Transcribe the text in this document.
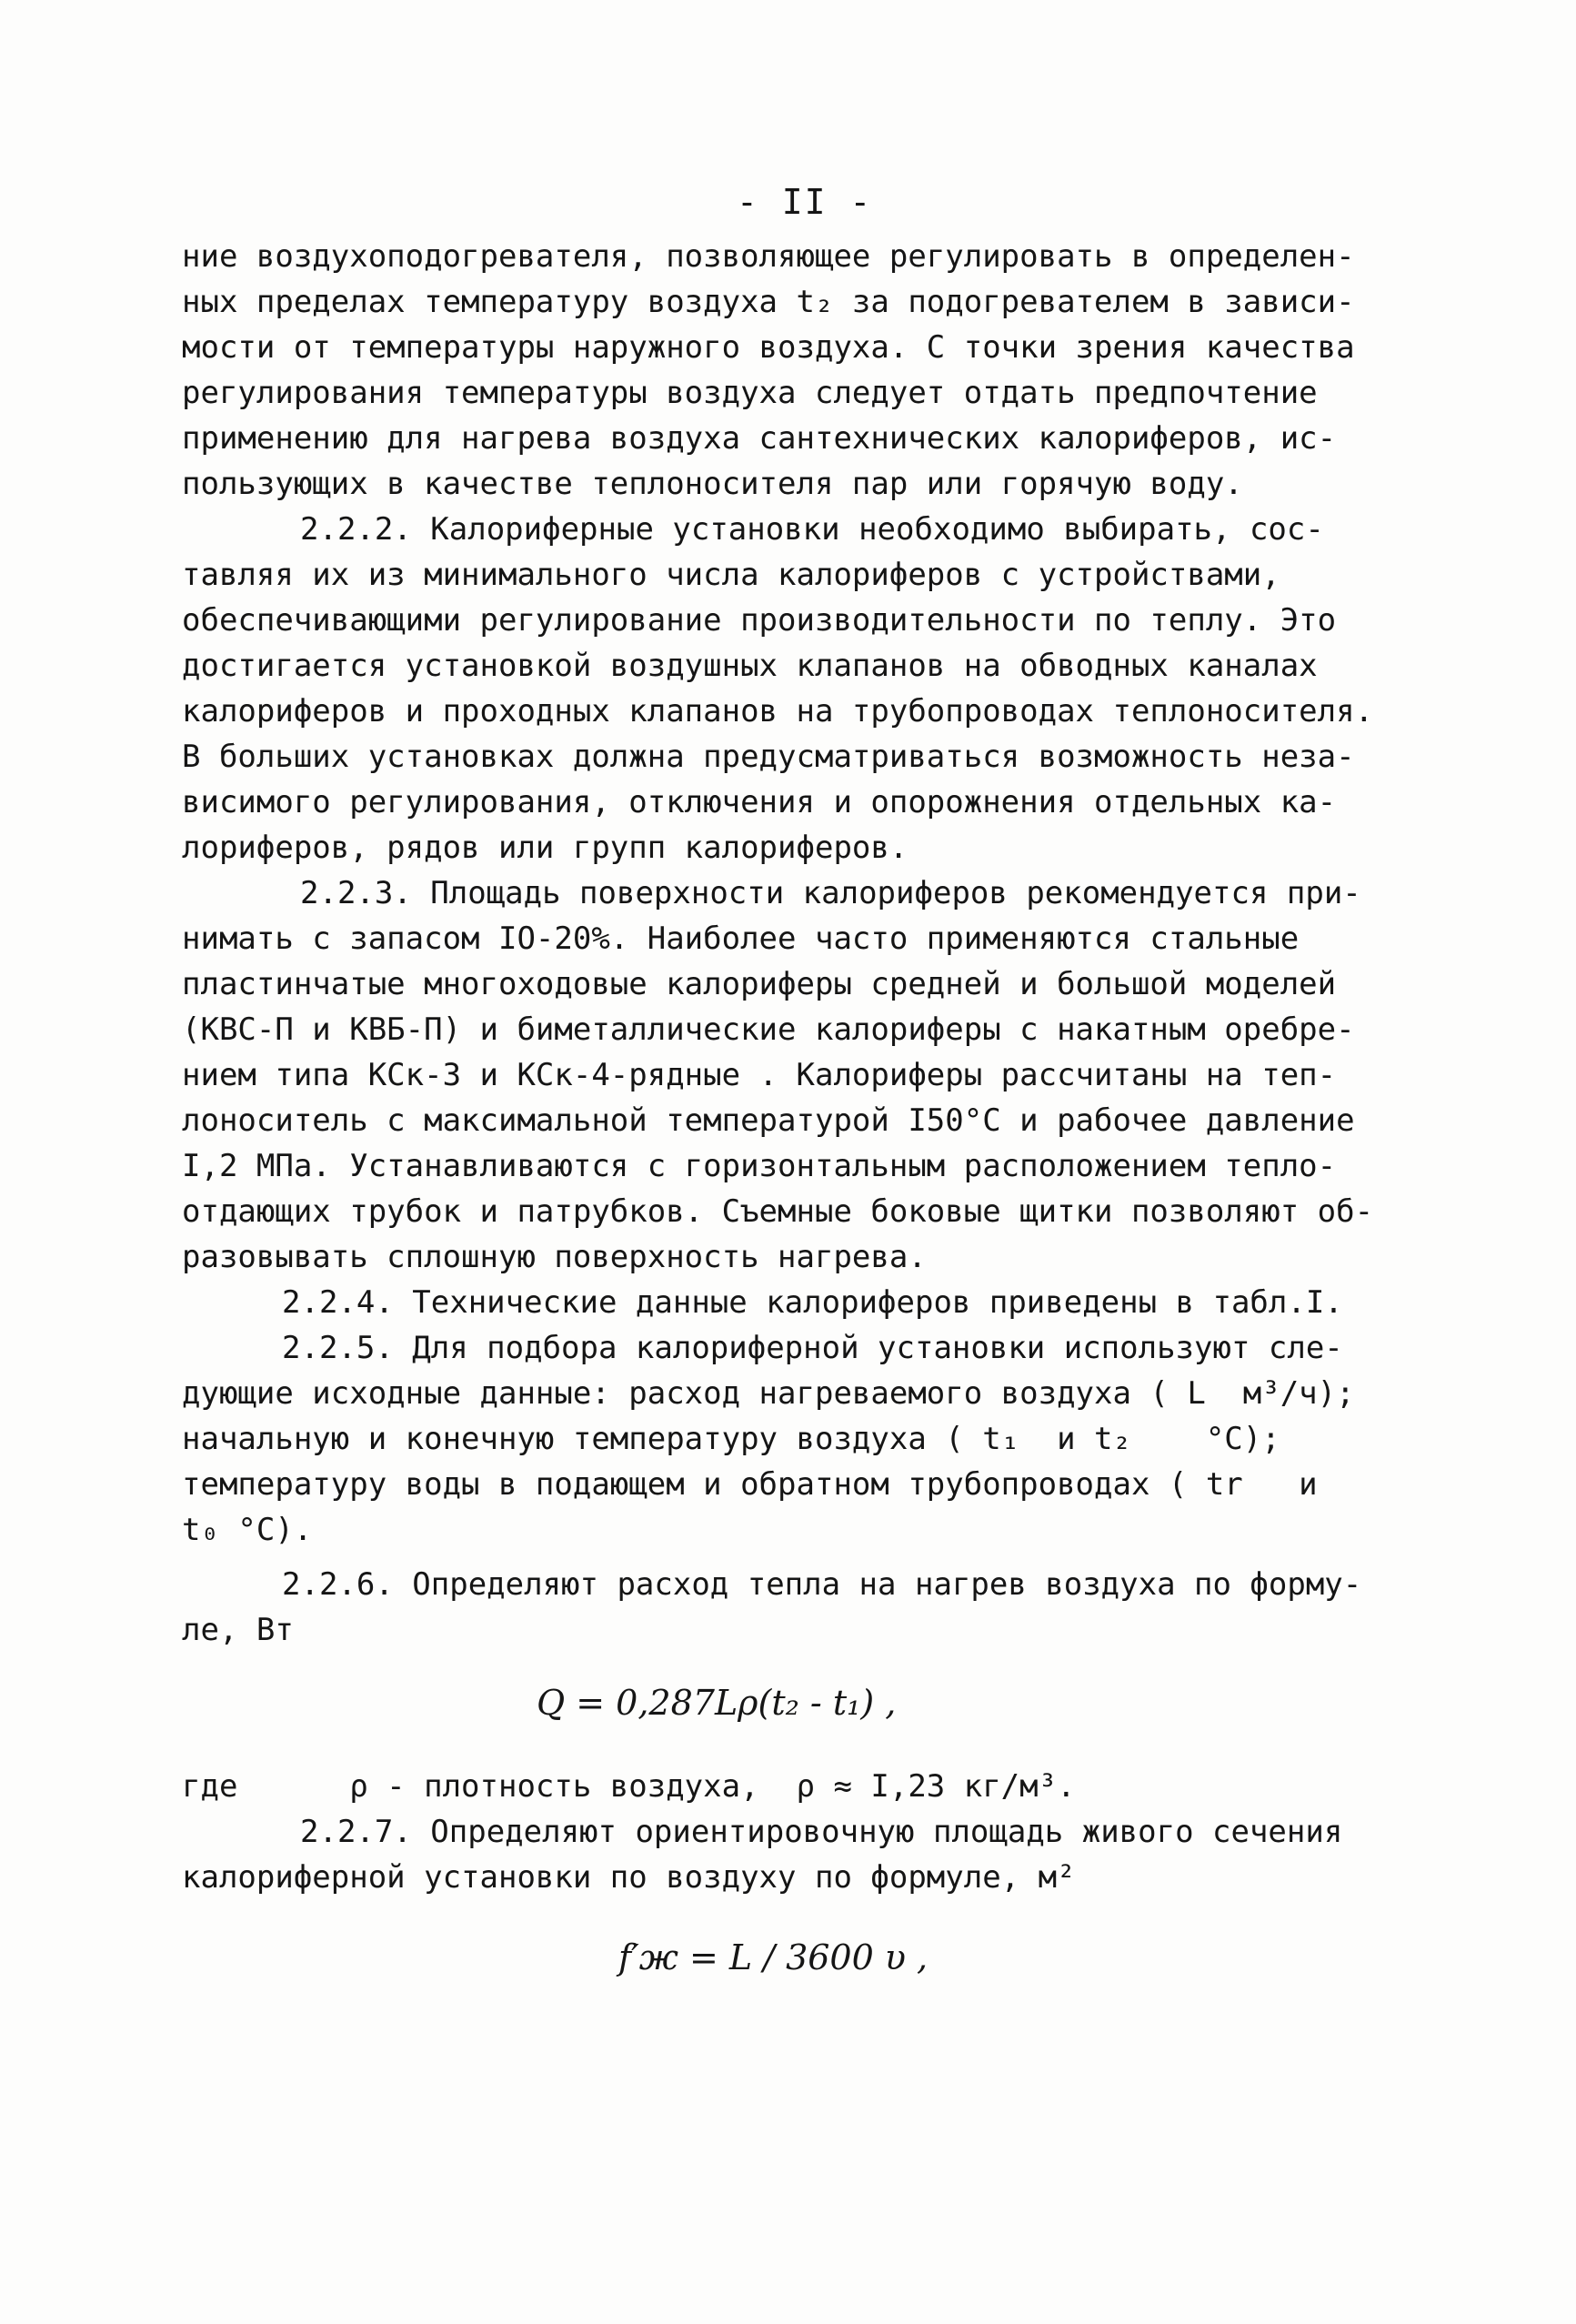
- II -
ние воздухоподогревателя, позволяющее регулировать в определен-
ных пределах температуру воздуха t₂ за подогревателем в зависи-
мости от температуры наружного воздуха. С точки зрения качества
регулирования температуры воздуха следует отдать предпочтение
применению для нагрева воздуха сантехнических калориферов, ис-
пользующих в качестве теплоносителя пар или горячую воду.
2.2.2. Калориферные установки необходимо выбирать, сос-
тавляя их из минимального числа калориферов с устройствами,
обеспечивающими регулирование производительности по теплу. Это
достигается установкой воздушных клапанов на обводных каналах
калориферов и проходных клапанов на трубопроводах теплоносителя.
В больших установках должна предусматриваться возможность неза-
висимого регулирования, отключения и опорожнения отдельных ка-
лориферов, рядов или групп калориферов.
2.2.3. Площадь поверхности калориферов рекомендуется при-
нимать с запасом IO-20%. Наиболее часто применяются стальные
пластинчатые многоходовые калориферы средней и большой моделей
(КВС-П и КВБ-П) и биметаллические калориферы с накатным оребре-
нием типа КСк-3 и КСк-4-рядные . Калориферы рассчитаны на теп-
лоноситель с максимальной температурой I50°C и рабочее давление
I,2 МПа. Устанавливаются с горизонтальным расположением тепло-
отдающих трубок и патрубков. Съемные боковые щитки позволяют об-
разовывать сплошную поверхность нагрева.
2.2.4. Технические данные калориферов приведены в табл.I.
2.2.5. Для подбора калориферной установки используют сле-
дующие исходные данные: расход нагреваемого воздуха ( L  м³/ч);
начальную и конечную температуру воздуха ( t₁  и t₂    °C);
температуру воды в подающем и обратном трубопроводах ( tr   и
t₀ °C).
2.2.6. Определяют расход тепла на нагрев воздуха по форму-
ле, Вт
Q = 0,287Lρ(t₂ - t₁) ,
где      ρ - плотность воздуха,  ρ ≈ I,23 кг/м³.
2.2.7. Определяют ориентировочную площадь живого сечения
калориферной установки по воздуху по формуле, м²
f′ж = L / 3600 υ ,
